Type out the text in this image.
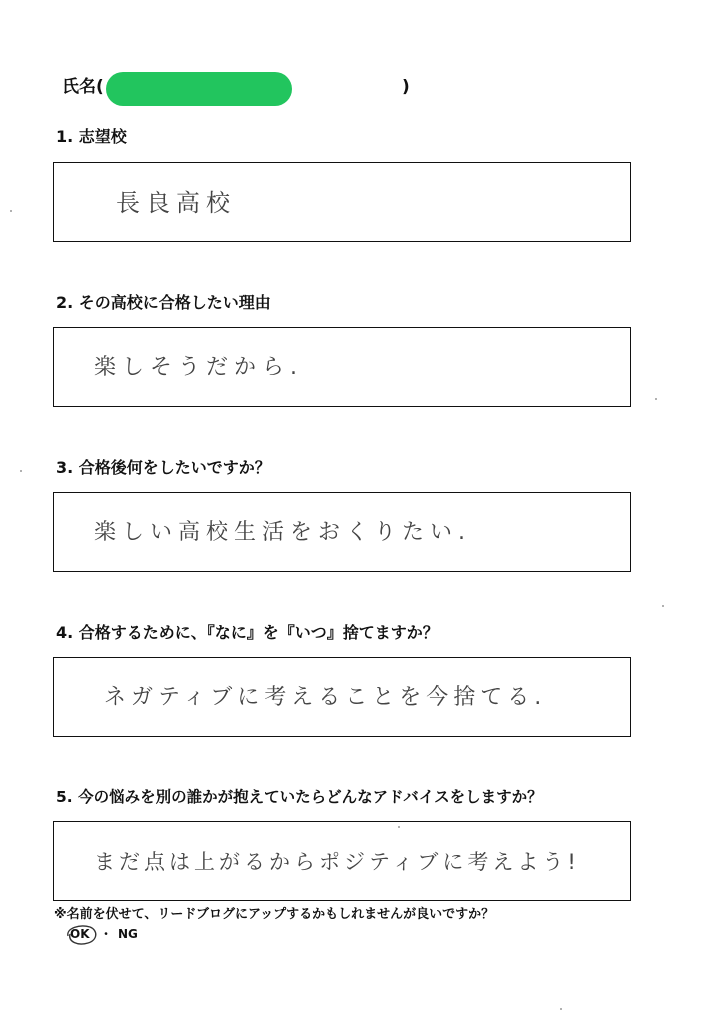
氏名(	)
1. 志望校
長良高校
2. その高校に合格したい理由
楽しそうだから.
3. 合格後何をしたいですか？
楽しい高校生活をおくりたい.
4. 合格するために、『なに』を『いつ』捨てますか？
ネガティブに考えることを今捨てる.
5. 今の悩みを別の誰かが抱えていたらどんなアドバイスをしますか？
まだ点は上がるからポジティブに考えよう!
※名前を伏せて、リードブログにアップするかもしれませんが良いですか？
OK ・ NG
